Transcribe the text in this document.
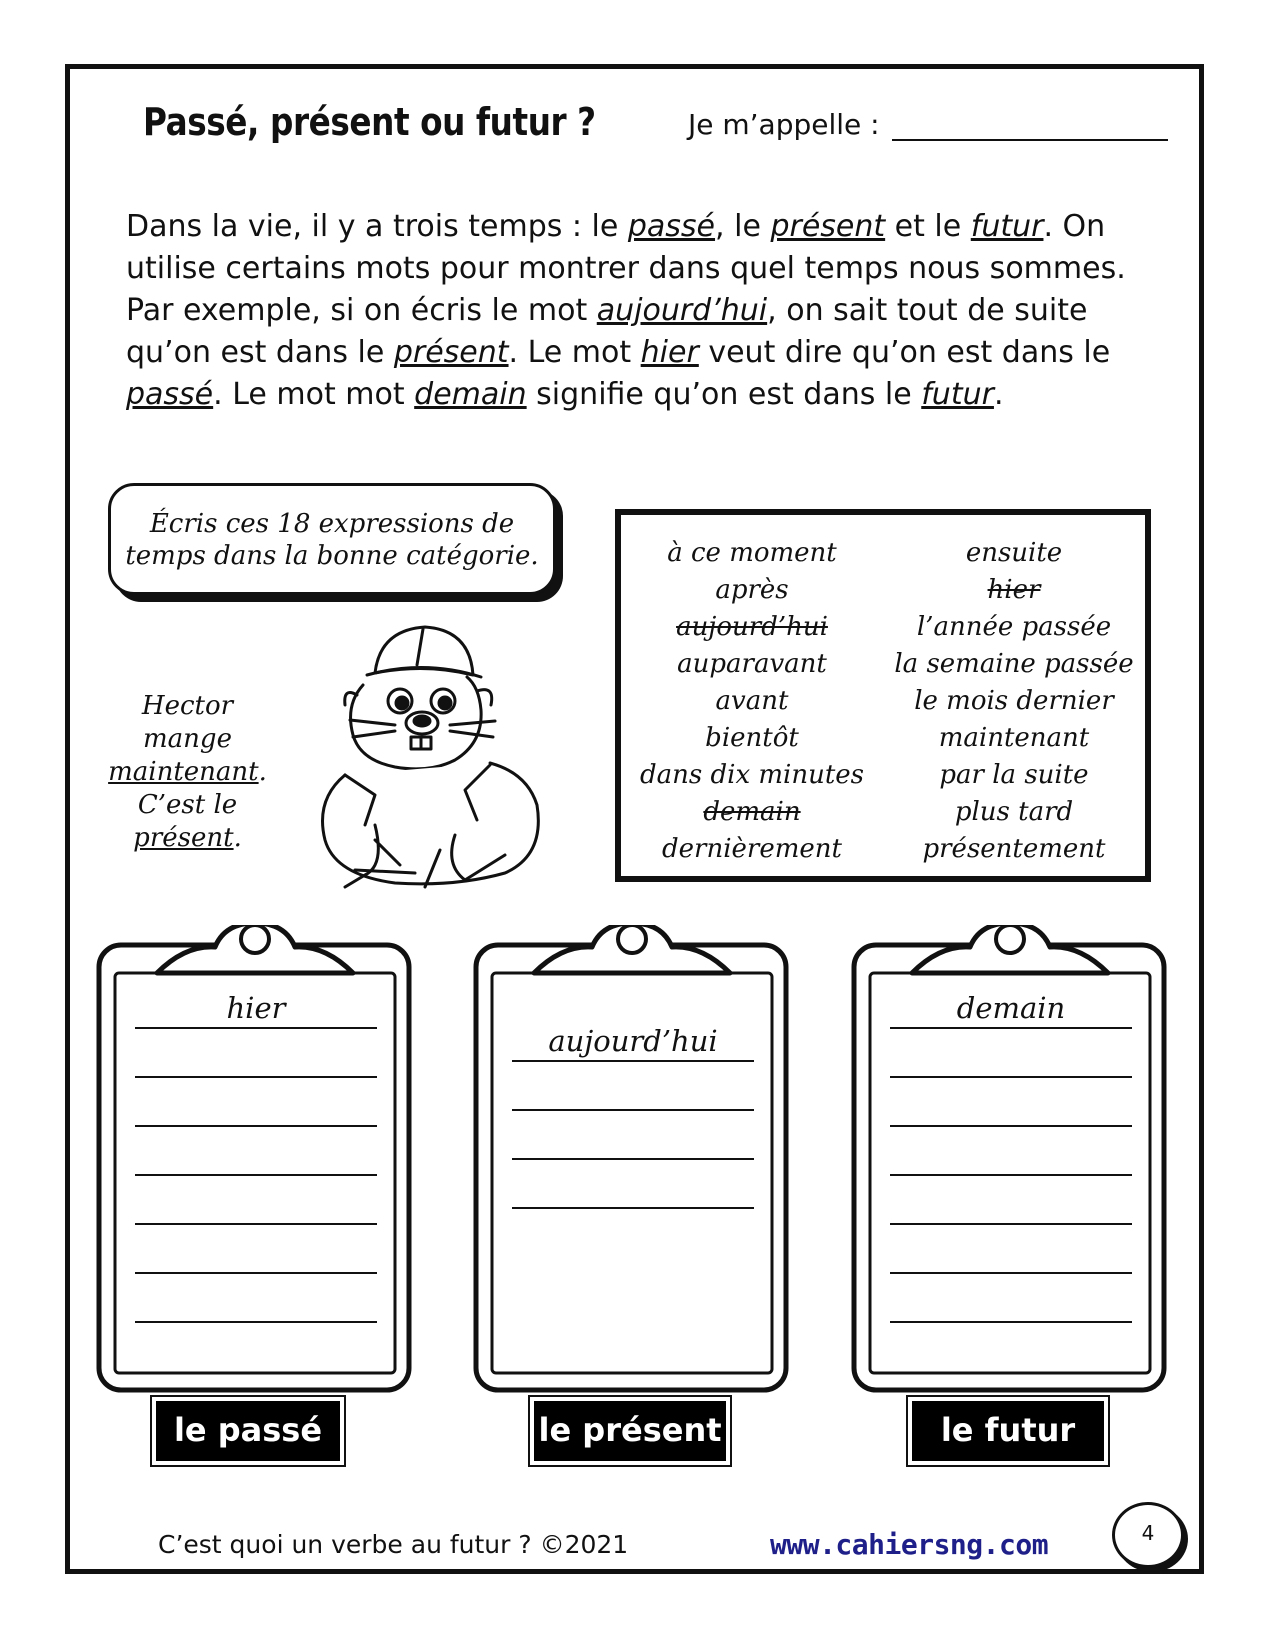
Passé, présent ou futur ?	Je m’appelle :
Dans la vie, il y a trois temps : le passé, le présent et le futur. On utilise certains mots pour montrer dans quel temps nous sommes. Par exemple, si on écris le mot aujourd’hui, on sait tout de suite qu’on est dans le présent. Le mot hier veut dire qu’on est dans le passé. Le mot mot demain signifie qu’on est dans le futur.
Écris ces 18 expressions de
temps dans la bonne catégorie.	à ce moment
après
aujourd’hui
auparavant
avant
bientôt
dans dix minutes
demain
dernièrement
ensuite
hier
l’année passée
la semaine passée
le mois dernier
maintenant
par la suite
plus tard
présentement
Hector
mange
maintenant.
C’est le
présent.
hier
le passé
aujourd’hui
le présent
demain
le futur
C’est quoi un verbe au futur ? ©2021	www.cahiersng.com	4
